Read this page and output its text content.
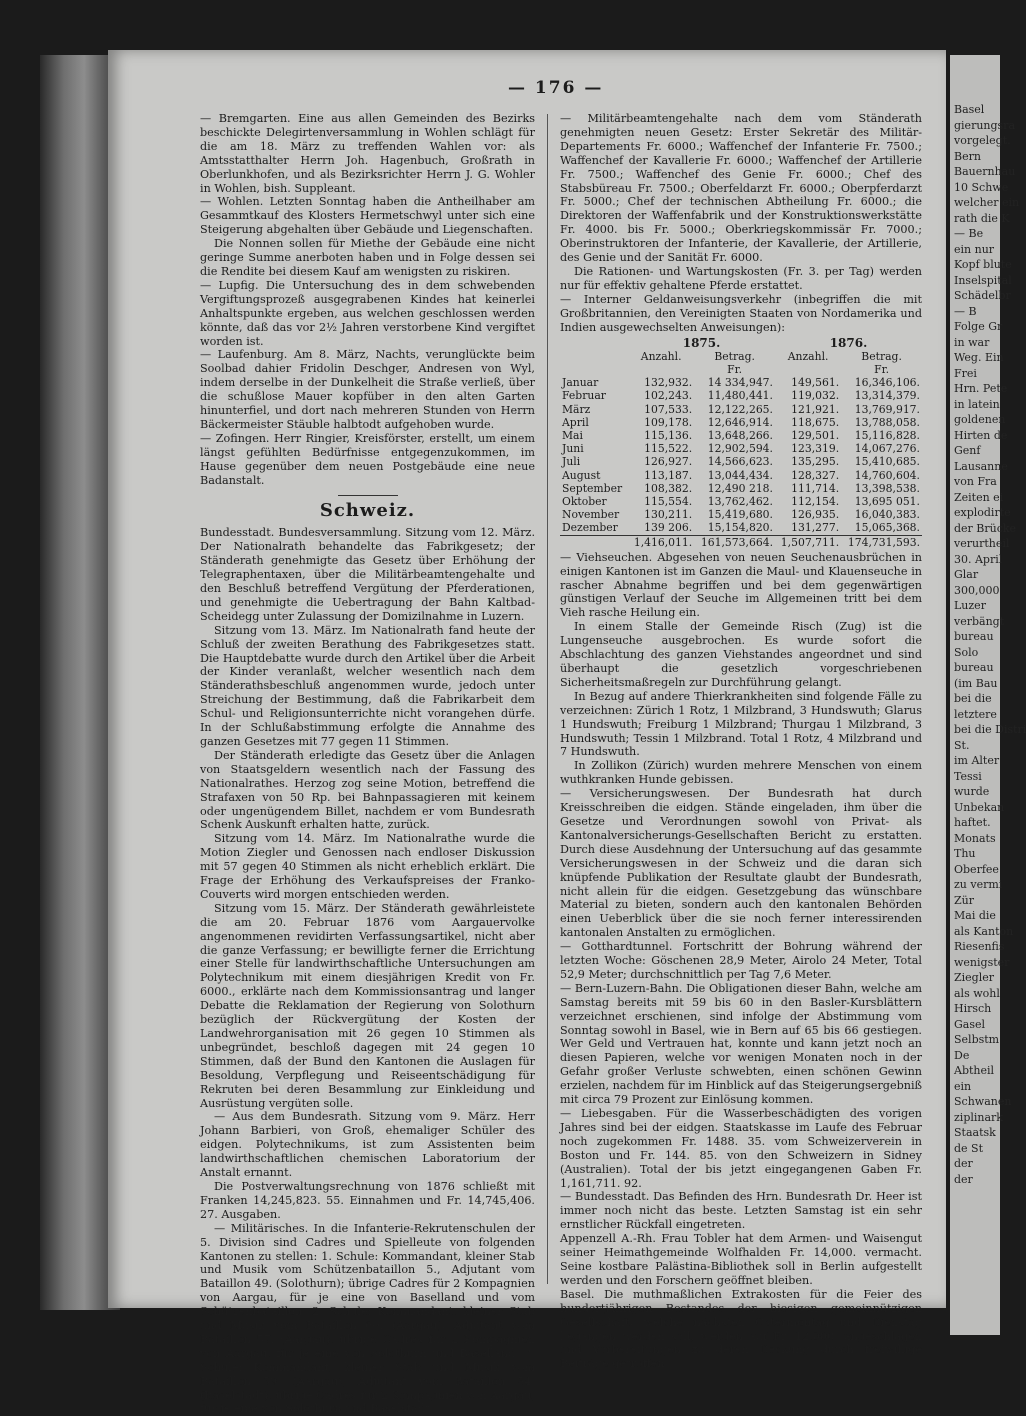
— 176 —

— Bremgarten. Eine aus allen Gemeinden des Bezirks beschickte Delegirtenversammlung in Wohlen schlägt für die am 18. März zu treffenden Wahlen vor: als Amtsstatthalter Herrn Joh. Hagenbuch, Großrath in Oberlunkhofen, und als Bezirksrichter Herrn J. G. Wohler in Wohlen, bish. Suppleant.

— Wohlen. Letzten Sonntag haben die Antheilhaber am Gesammtkauf des Klosters Hermetschwyl unter sich eine Steigerung abgehalten über Gebäude und Liegenschaften.

Die Nonnen sollen für Miethe der Gebäude eine nicht geringe Summe anerboten haben und in Folge dessen sei die Rendite bei diesem Kauf am wenigsten zu riskiren.

— Lupfig. Die Untersuchung des in dem schwebenden Vergiftungsprozeß ausgegrabenen Kindes hat keinerlei Anhaltspunkte ergeben, aus welchen geschlossen werden könnte, daß das vor 2½ Jahren verstorbene Kind vergiftet worden ist.

— Laufenburg. Am 8. März, Nachts, verunglückte beim Soolbad dahier Fridolin Deschger, Andresen von Wyl, indem derselbe in der Dunkelheit die Straße verließ, über die schußlose Mauer kopfüber in den alten Garten hinunterfiel, und dort nach mehreren Stunden von Herrn Bäckermeister Stäuble halbtodt aufgehoben wurde.

— Zofingen. Herr Ringier, Kreisförster, erstellt, um einem längst gefühlten Bedürfnisse entgegenzukommen, im Hause gegenüber dem neuen Postgebäude eine neue Badanstalt.

Schweiz.

Bundesstadt. Bundesversammlung. Sitzung vom 12. März. Der Nationalrath behandelte das Fabrikgesetz; der Ständerath genehmigte das Gesetz über Erhöhung der Telegraphentaxen, über die Militärbeamtengehalte und den Beschluß betreffend Vergütung der Pferderationen, und genehmigte die Uebertragung der Bahn Kaltbad-Scheidegg unter Zulassung der Domizilnahme in Luzern.

Sitzung vom 13. März. Im Nationalrath fand heute der Schluß der zweiten Berathung des Fabrikgesetzes statt. Die Hauptdebatte wurde durch den Artikel über die Arbeit der Kinder veranlaßt, welcher wesentlich nach dem Ständerathsbeschluß angenommen wurde, jedoch unter Streichung der Bestimmung, daß die Fabrikarbeit dem Schul- und Religionsunterrichte nicht vorangehen dürfe. In der Schlußabstimmung erfolgte die Annahme des ganzen Gesetzes mit 77 gegen 11 Stimmen.

Der Ständerath erledigte das Gesetz über die Anlagen von Staatsgeldern wesentlich nach der Fassung des Nationalrathes. Herzog zog seine Motion, betreffend die Strafaxen von 50 Rp. bei Bahnpassagieren mit keinem oder ungenügendem Billet, nachdem er vom Bundesrath Schenk Auskunft erhalten hatte, zurück.

Sitzung vom 14. März. Im Nationalrathe wurde die Motion Ziegler und Genossen nach endloser Diskussion mit 57 gegen 40 Stimmen als nicht erheblich erklärt. Die Frage der Erhöhung des Verkaufspreises der Franko-Couverts wird morgen entschieden werden.

Sitzung vom 15. März. Der Ständerath gewährleistete die am 20. Februar 1876 vom Aargauervolke angenommenen revidirten Verfassungsartikel, nicht aber die ganze Verfassung; er bewilligte ferner die Errichtung einer Stelle für landwirthschaftliche Untersuchungen am Polytechnikum mit einem diesjährigen Kredit von Fr. 6000., erklärte nach dem Kommissionsantrag und langer Debatte die Reklamation der Regierung von Solothurn bezüglich der Rückvergütung der Kosten der Landwehrorganisation mit 26 gegen 10 Stimmen als unbegründet, beschloß dagegen mit 24 gegen 10 Stimmen, daß der Bund den Kantonen die Auslagen für Besoldung, Verpflegung und Reiseentschädigung für Rekruten bei deren Besammlung zur Einkleidung und Ausrüstung vergüten solle.

— Aus dem Bundesrath. Sitzung vom 9. März. Herr Johann Barbieri, von Groß, ehemaliger Schüler des eidgen. Polytechnikums, ist zum Assistenten beim landwirthschaftlichen chemischen Laboratorium der Anstalt ernannt.

Die Postverwaltungsrechnung von 1876 schließt mit Franken 14,245,823. 55. Einnahmen und Fr. 14,745,406. 27. Ausgaben.

— Militärisches. In die Infanterie-Rekrutenschulen der 5. Division sind Cadres und Spielleute von folgenden Kantonen zu stellen: 1. Schule: Kommandant, kleiner Stab und Musik vom Schützenbataillon 5., Adjutant vom Bataillon 49. (Solothurn); übrige Cadres für 2 Kompagnien von Aargau, für je eine von Baselland und vom Schützenbataillon. 2. Schule: Kommandant, kleiner Stab und Musik vom Bataillon 60. (Aargau), Adjutant vom Bataillon 57. (Aargau), übrige Cadres für 2 Kompagnien von Aargau, für je eine von Solothurn und Baselland. 3. Schule: Kommandant, kleiner Stab und Musik vom Bataillon 59. (Aargau), Adjutant vom Bataillon 54. (Baselstadt), übrige Cadres für 2 Kompagnien von Aargau, für je eine von Solothurn und Baselstadt.

— Militärbeamtengehalte nach dem vom Ständerath genehmigten neuen Gesetz: Erster Sekretär des Militär-Departements Fr. 6000.; Waffenchef der Infanterie Fr. 7500.; Waffenchef der Kavallerie Fr. 6000.; Waffenchef der Artillerie Fr. 7500.; Waffenchef des Genie Fr. 6000.; Chef des Stabsbüreau Fr. 7500.; Oberfeldarzt Fr. 6000.; Oberpferdarzt Fr. 5000.; Chef der technischen Abtheilung Fr. 6000.; die Direktoren der Waffenfabrik und der Konstruktionswerkstätte Fr. 4000. bis Fr. 5000.; Oberkriegskommissär Fr. 7000.; Oberinstruktoren der Infanterie, der Kavallerie, der Artillerie, des Genie und der Sanität Fr. 6000.

Die Rationen- und Wartungskosten (Fr. 3. per Tag) werden nur für effektiv gehaltene Pferde erstattet.

— Interner Geldanweisungsverkehr (inbegriffen die mit Großbritannien, den Vereinigten Staaten von Nordamerika und Indien ausgewechselten Anweisungen):

	1875.		1876.	
	Anzahl.	Betrag.	Anzahl.	Betrag.
		Fr.		Fr.
Januar	132,932.	14 334,947.	149,561.	16,346,106.
Februar	102,243.	11,480,441.	119,032.	13,314,379.
März	107,533.	12,122,265.	121,921.	13,769,917.
April	109,178.	12,646,914.	118,675.	13,788,058.
Mai	115,136.	13,648,266.	129,501.	15,116,828.
Juni	115,522.	12,902,594.	123,319.	14,067,276.
Juli	126,927.	14,566,623.	135,295.	15,410,685.
August	113,187.	13,044,434.	128,327.	14,760,604.
September	108,382.	12,490 218.	111,714.	13,398,538.
Oktober	115,554.	13,762,462.	112,154.	13,695 051.
November	130,211.	15,419,680.	126,935.	16,040,383.
Dezember	139 206.	15,154,820.	131,277.	15,065,368.
	1,416,011.	161,573,664.	1,507,711.	174,731,593.

— Viehseuchen. Abgesehen von neuen Seuchenausbrüchen in einigen Kantonen ist im Ganzen die Maul- und Klauenseuche in rascher Abnahme begriffen und bei dem gegenwärtigen günstigen Verlauf der Seuche im Allgemeinen tritt bei dem Vieh rasche Heilung ein.

In einem Stalle der Gemeinde Risch (Zug) ist die Lungenseuche ausgebrochen. Es wurde sofort die Abschlachtung des ganzen Viehstandes angeordnet und sind überhaupt die gesetzlich vorgeschriebenen Sicherheitsmaßregeln zur Durchführung gelangt.

In Bezug auf andere Thierkrankheiten sind folgende Fälle zu verzeichnen: Zürich 1 Rotz, 1 Milzbrand, 3 Hundswuth; Glarus 1 Hundswuth; Freiburg 1 Milzbrand; Thurgau 1 Milzbrand, 3 Hundswuth; Tessin 1 Milzbrand. Total 1 Rotz, 4 Milzbrand und 7 Hundswuth.

In Zollikon (Zürich) wurden mehrere Menschen von einem wuthkranken Hunde gebissen.

— Versicherungswesen. Der Bundesrath hat durch Kreisschreiben die eidgen. Stände eingeladen, ihm über die Gesetze und Verordnungen sowohl von Privat- als Kantonalversicherungs-Gesellschaften Bericht zu erstatten. Durch diese Ausdehnung der Untersuchung auf das gesammte Versicherungswesen in der Schweiz und die daran sich knüpfende Publikation der Resultate glaubt der Bundesrath, nicht allein für die eidgen. Gesetzgebung das wünschbare Material zu bieten, sondern auch den kantonalen Behörden einen Ueberblick über die sie noch ferner interessirenden kantonalen Anstalten zu ermöglichen.

— Gotthardtunnel. Fortschritt der Bohrung während der letzten Woche: Göschenen 28,9 Meter, Airolo 24 Meter, Total 52,9 Meter; durchschnittlich per Tag 7,6 Meter.

— Bern-Luzern-Bahn. Die Obligationen dieser Bahn, welche am Samstag bereits mit 59 bis 60 in den Basler-Kursblättern verzeichnet erschienen, sind infolge der Abstimmung vom Sonntag sowohl in Basel, wie in Bern auf 65 bis 66 gestiegen. Wer Geld und Vertrauen hat, konnte und kann jetzt noch an diesen Papieren, welche vor wenigen Monaten noch in der Gefahr großer Verluste schwebten, einen schönen Gewinn erzielen, nachdem für im Hinblick auf das Steigerungsergebniß mit circa 79 Prozent zur Einlösung kommen.

— Liebesgaben. Für die Wasserbeschädigten des vorigen Jahres sind bei der eidgen. Staatskasse im Laufe des Februar noch zugekommen Fr. 1488. 35. vom Schweizerverein in Boston und Fr. 144. 85. von den Schweizern in Sidney (Australien). Total der bis jetzt eingegangenen Gaben Fr. 1,161,711. 92.

— Bundesstadt. Das Befinden des Hrn. Bundesrath Dr. Heer ist immer noch nicht das beste. Letzten Samstag ist ein sehr ernstlicher Rückfall eingetreten.

Appenzell A.-Rh. Frau Tobler hat dem Armen- und Waisengut seiner Heimathgemeinde Wolfhalden Fr. 14,000. vermacht. Seine kostbare Palästina-Bibliothek soll in Berlin aufgestellt werden und den Forschern geöffnet bleiben.

Basel. Die muthmaßlichen Extrakosten für die Feier des hundertjährigen Bestandes der hiesigen gemeinnützigen Gesellschaft, welche nächsten Ostermontag und Dienstag begangen werden soll, werden auf Fr. 12,000. angeschlagen und Vorbereitungen zu deren Deckung durch freiwillige Beiträge getroffen.

Basel
gierungsra
vorgelegt.
Bern
Bauernhau
10 Schwe
welcher ein
rath die K
— Be
ein nur
Kopf blute
Inselspital
Schädelbr
— B
Folge Gr
in war
Weg. Ein
Frei
Hrn. Pete
in latein
goldenen
Hirten de
Genf
Lausanne
von Fra
Zeiten ei
explodirte
der Brücke
verurtheil
30. April
Glar
300,000
Luzer
verbängt
bureau
Solo
bureau
(im Bau
bei die
letztere
bei die Distri
St.
im Alter
Tessi
wurde
Unbekan
haftet.
Monats
Thu
Oberfee
zu vermi
Zür
Mai die
als Kanton
Riesenfis
wenigster
Ziegler
als wohl
Hirsch
Gasel
Selbstm
De
Abtheil
ein
Schwanen
ziplinark
Staatsk
de St
der
der
